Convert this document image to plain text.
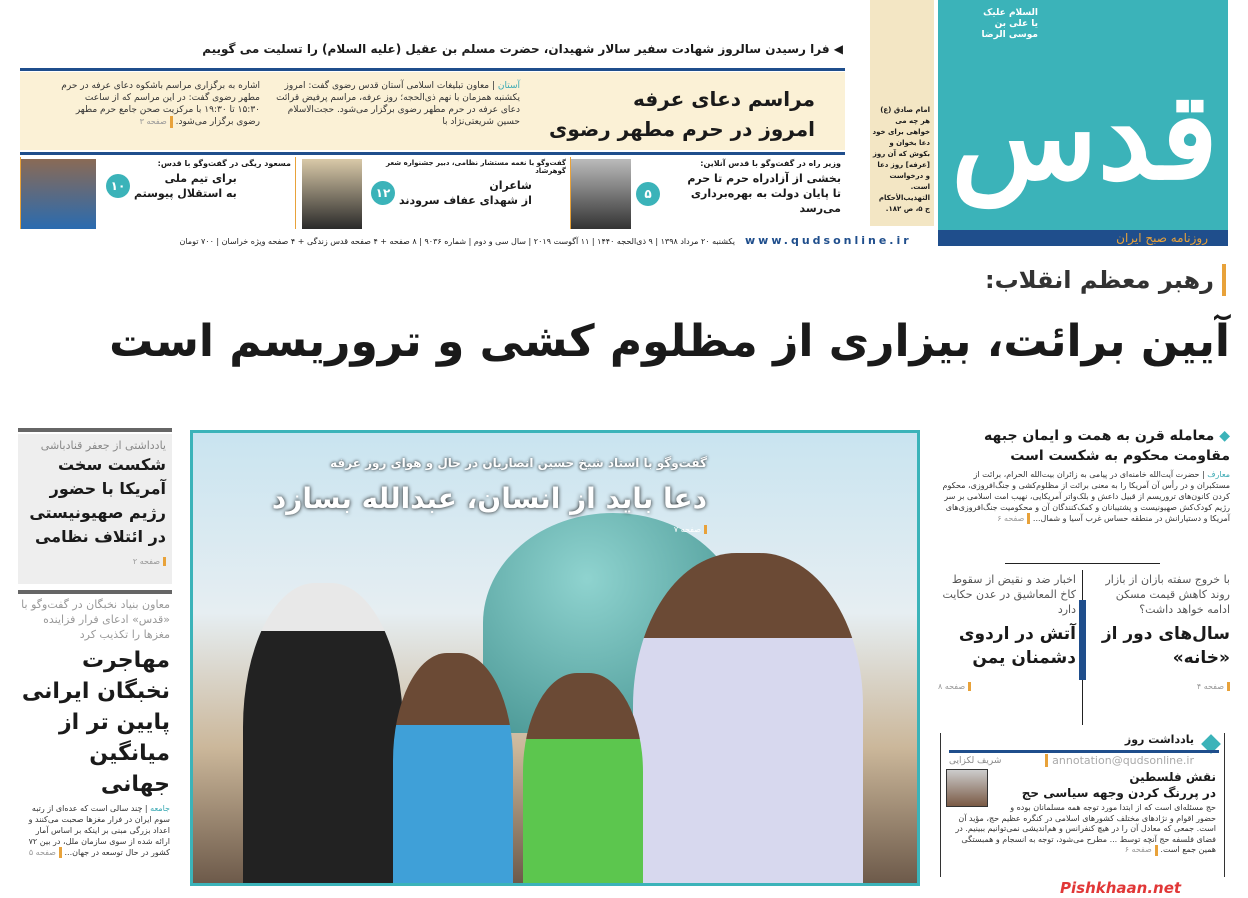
السلام علیک یا علی بن موسی الرضا
قدس
روزنامه صبح ایران
www.qudsonline.ir
امام صادق (ع)
هر چه می خواهی برای خود دعا بخوان و بکوش که آن روز [عرفه] روز دعا و درخواست است.
التهذیب‌الأحکام ج ۵، ص ۱۸۲.
◀ فرا رسیدن سالروز شهادت سفیر سالار شهیدان، حضرت مسلم بن عقیل (علیه السلام) را تسلیت می گوییم
مراسم دعای عرفه
امروز در حرم مطهر رضوی
آستان | معاون تبلیغات اسلامی آستان قدس رضوی گفت: امروز یکشنبه همزمان با نهم ذی‌الحجه؛ روز عرفه، مراسم پرفیض قرائت دعای عرفه در حرم مطهر رضوی برگزار می‌شود. حجت‌الاسلام حسین شریعتی‌نژاد با
اشاره به برگزاری مراسم باشکوه دعای عرفه در حرم مطهر رضوی گفت: در این مراسم که از ساعت ۱۵:۳۰ تا ۱۹:۳۰ با مرکزیت صحن جامع حرم مطهر رضوی برگزار می‌شود. صفحه ۳
وزیر راه در گفت‌وگو با قدس آنلاین:
۵
بخشی از آزادراه حرم تا حرم
تا پایان دولت به بهره‌برداری می‌رسد
گفت‌وگو با نغمه مستشار نظامی، دبیر جشنواره شعر گوهرشاد
۱۲
شاعران
از شهدای عفاف سرودند
مسعود ریگی در گفت‌وگو با قدس:
۱۰
برای تیم ملی
به استقلال پیوستم
یکشنبه ۲۰ مرداد ۱۳۹۸ | ۹ ذی‌الحجه ۱۴۴۰ | ۱۱ آگوست ۲۰۱۹ | سال سی و دوم | شماره ۹۰۳۶ | ۸ صفحه + ۴ صفحه قدس زندگی + ۴ صفحه ویژه خراسان | ۷۰۰ تومان
رهبر معظم انقلاب:
آیین برائت، بیزاری از مظلوم کشی و تروریسم است
یادداشتی از جعفر قنادباشی
شکست سخت آمریکا با حضور رژیم صهیونیستی در ائتلاف نظامی
صفحه ۲
معاون بنیاد نخبگان در گفت‌وگو با «قدس» ادعای فرار فزاینده مغزها را تکذیب کرد
مهاجرت نخبگان ایرانی پایین تر از میانگین جهانی
جامعه | چند سالی است که عده‌ای از رتبه سوم ایران در فرار مغزها صحبت می‌کنند و اعداد بزرگی مبنی بر اینکه بر اساس آمار ارائه شده از سوی سازمان ملل، در بین ۷۲ کشور در حال توسعه در جهان... صفحه ۵
گفت‌وگو با استاد شیخ حسین انصاریان در حال و هوای روز عرفه
دعا باید از انسان، عبدالله بسازد
صفحه ۷
◆ معامله قرن به همت و ایمان جبهه مقاومت محکوم به شکست است
معارف | حضرت آیت‌الله خامنه‌ای در پیامی به زائران بیت‌الله الحرام، برائت از مستکبران و در رأس آن آمریکا را به معنی برائت از مظلوم‌کشی و جنگ‌افروزی، محکوم کردن کانون‌های تروریسم از قبیل داعش و بلک‌واتر آمریکایی، نهیب امت اسلامی بر سر رژیم کودک‌کش صهیونیست و پشتیبانان و کمک‌کنندگان آن و محکومیت جنگ‌افروزی‌های آمریکا و دستیارانش در منطقه حساس غرب آسیا و شمال... صفحه ۶
با خروج سفته بازان از بازار روند کاهش قیمت مسکن ادامه خواهد داشت؟
سال‌های دور از «خانه»
صفحه ۴
اخبار ضد و نقیض از سقوط کاخ المعاشیق در عدن حکایت دارد
آتش در اردوی دشمنان یمن
صفحه ۸
یادداشت روز
شریف لکزایی	annotation@qudsonline.ir
نقش فلسطین
در پررنگ کردن وجهه سیاسی حج
حج مسئله‌ای است که از ابتدا مورد توجه همه مسلمانان بوده و حضور اقوام و نژادهای مختلف کشورهای اسلامی در کنگره عظیم حج، مؤید آن است. جمعی که معادل آن را در هیچ کنفرانس و هم‌اندیشی نمی‌توانیم ببینیم. در فضای فلسفه حج آنچه توسط ... مطرح می‌شود، توجه به انسجام و همبستگی همین جمع است. صفحه ۶
Pishkhaan.net
